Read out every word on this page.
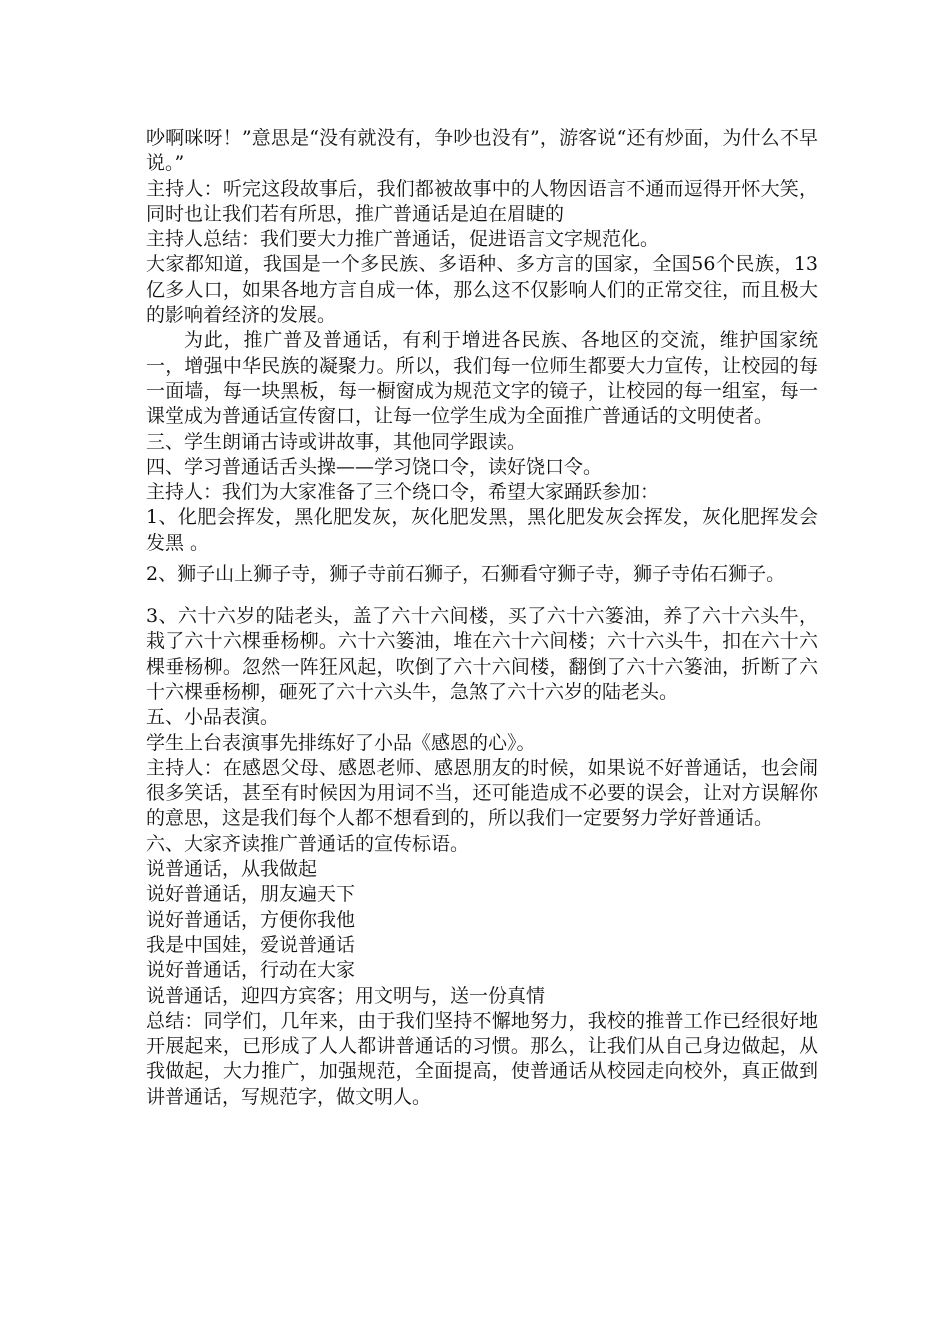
吵啊咪呀！”意思是“没有就没有，争吵也没有”，游客说“还有炒面，为什么不早说。”

主持人：听完这段故事后，我们都被故事中的人物因语言不通而逗得开怀大笑，同时也让我们若有所思，推广普通话是迫在眉睫的

主持人总结：我们要大力推广普通话，促进语言文字规范化。

大家都知道，我国是一个多民族、多语种、多方言的国家，全国56个民族，13亿多人口，如果各地方言自成一体，那么这不仅影响人们的正常交往，而且极大的影响着经济的发展。

为此，推广普及普通话，有利于增进各民族、各地区的交流，维护国家统一，增强中华民族的凝聚力。所以，我们每一位师生都要大力宣传，让校园的每一面墙，每一块黑板，每一橱窗成为规范文字的镜子，让校园的每一组室，每一课堂成为普通话宣传窗口，让每一位学生成为全面推广普通话的文明使者。

三、学生朗诵古诗或讲故事，其他同学跟读。

四、学习普通话舌头操——学习饶口令，读好饶口令。

主持人：我们为大家准备了三个绕口令，希望大家踊跃参加：

1、化肥会挥发，黑化肥发灰，灰化肥发黑，黑化肥发灰会挥发，灰化肥挥发会发黑 。

2、狮子山上狮子寺，狮子寺前石狮子，石狮看守狮子寺，狮子寺佑石狮子。

3、六十六岁的陆老头，盖了六十六间楼，买了六十六篓油，养了六十六头牛，栽了六十六棵垂杨柳。六十六篓油，堆在六十六间楼；六十六头牛，扣在六十六棵垂杨柳。忽然一阵狂风起，吹倒了六十六间楼，翻倒了六十六篓油，折断了六十六棵垂杨柳，砸死了六十六头牛，急煞了六十六岁的陆老头。

五、小品表演。

学生上台表演事先排练好了小品《感恩的心》。

主持人：在感恩父母、感恩老师、感恩朋友的时候，如果说不好普通话，也会闹很多笑话，甚至有时候因为用词不当，还可能造成不必要的误会，让对方误解你的意思，这是我们每个人都不想看到的，所以我们一定要努力学好普通话。

六、大家齐读推广普通话的宣传标语。

说普通话，从我做起

说好普通话，朋友遍天下

说好普通话，方便你我他

我是中国娃，爱说普通话

说好普通话，行动在大家

说普通话，迎四方宾客；用文明与，送一份真情

总结：同学们，几年来，由于我们坚持不懈地努力，我校的推普工作已经很好地开展起来，已形成了人人都讲普通话的习惯。那么，让我们从自己身边做起，从我做起，大力推广，加强规范，全面提高，使普通话从校园走向校外，真正做到讲普通话，写规范字，做文明人。
